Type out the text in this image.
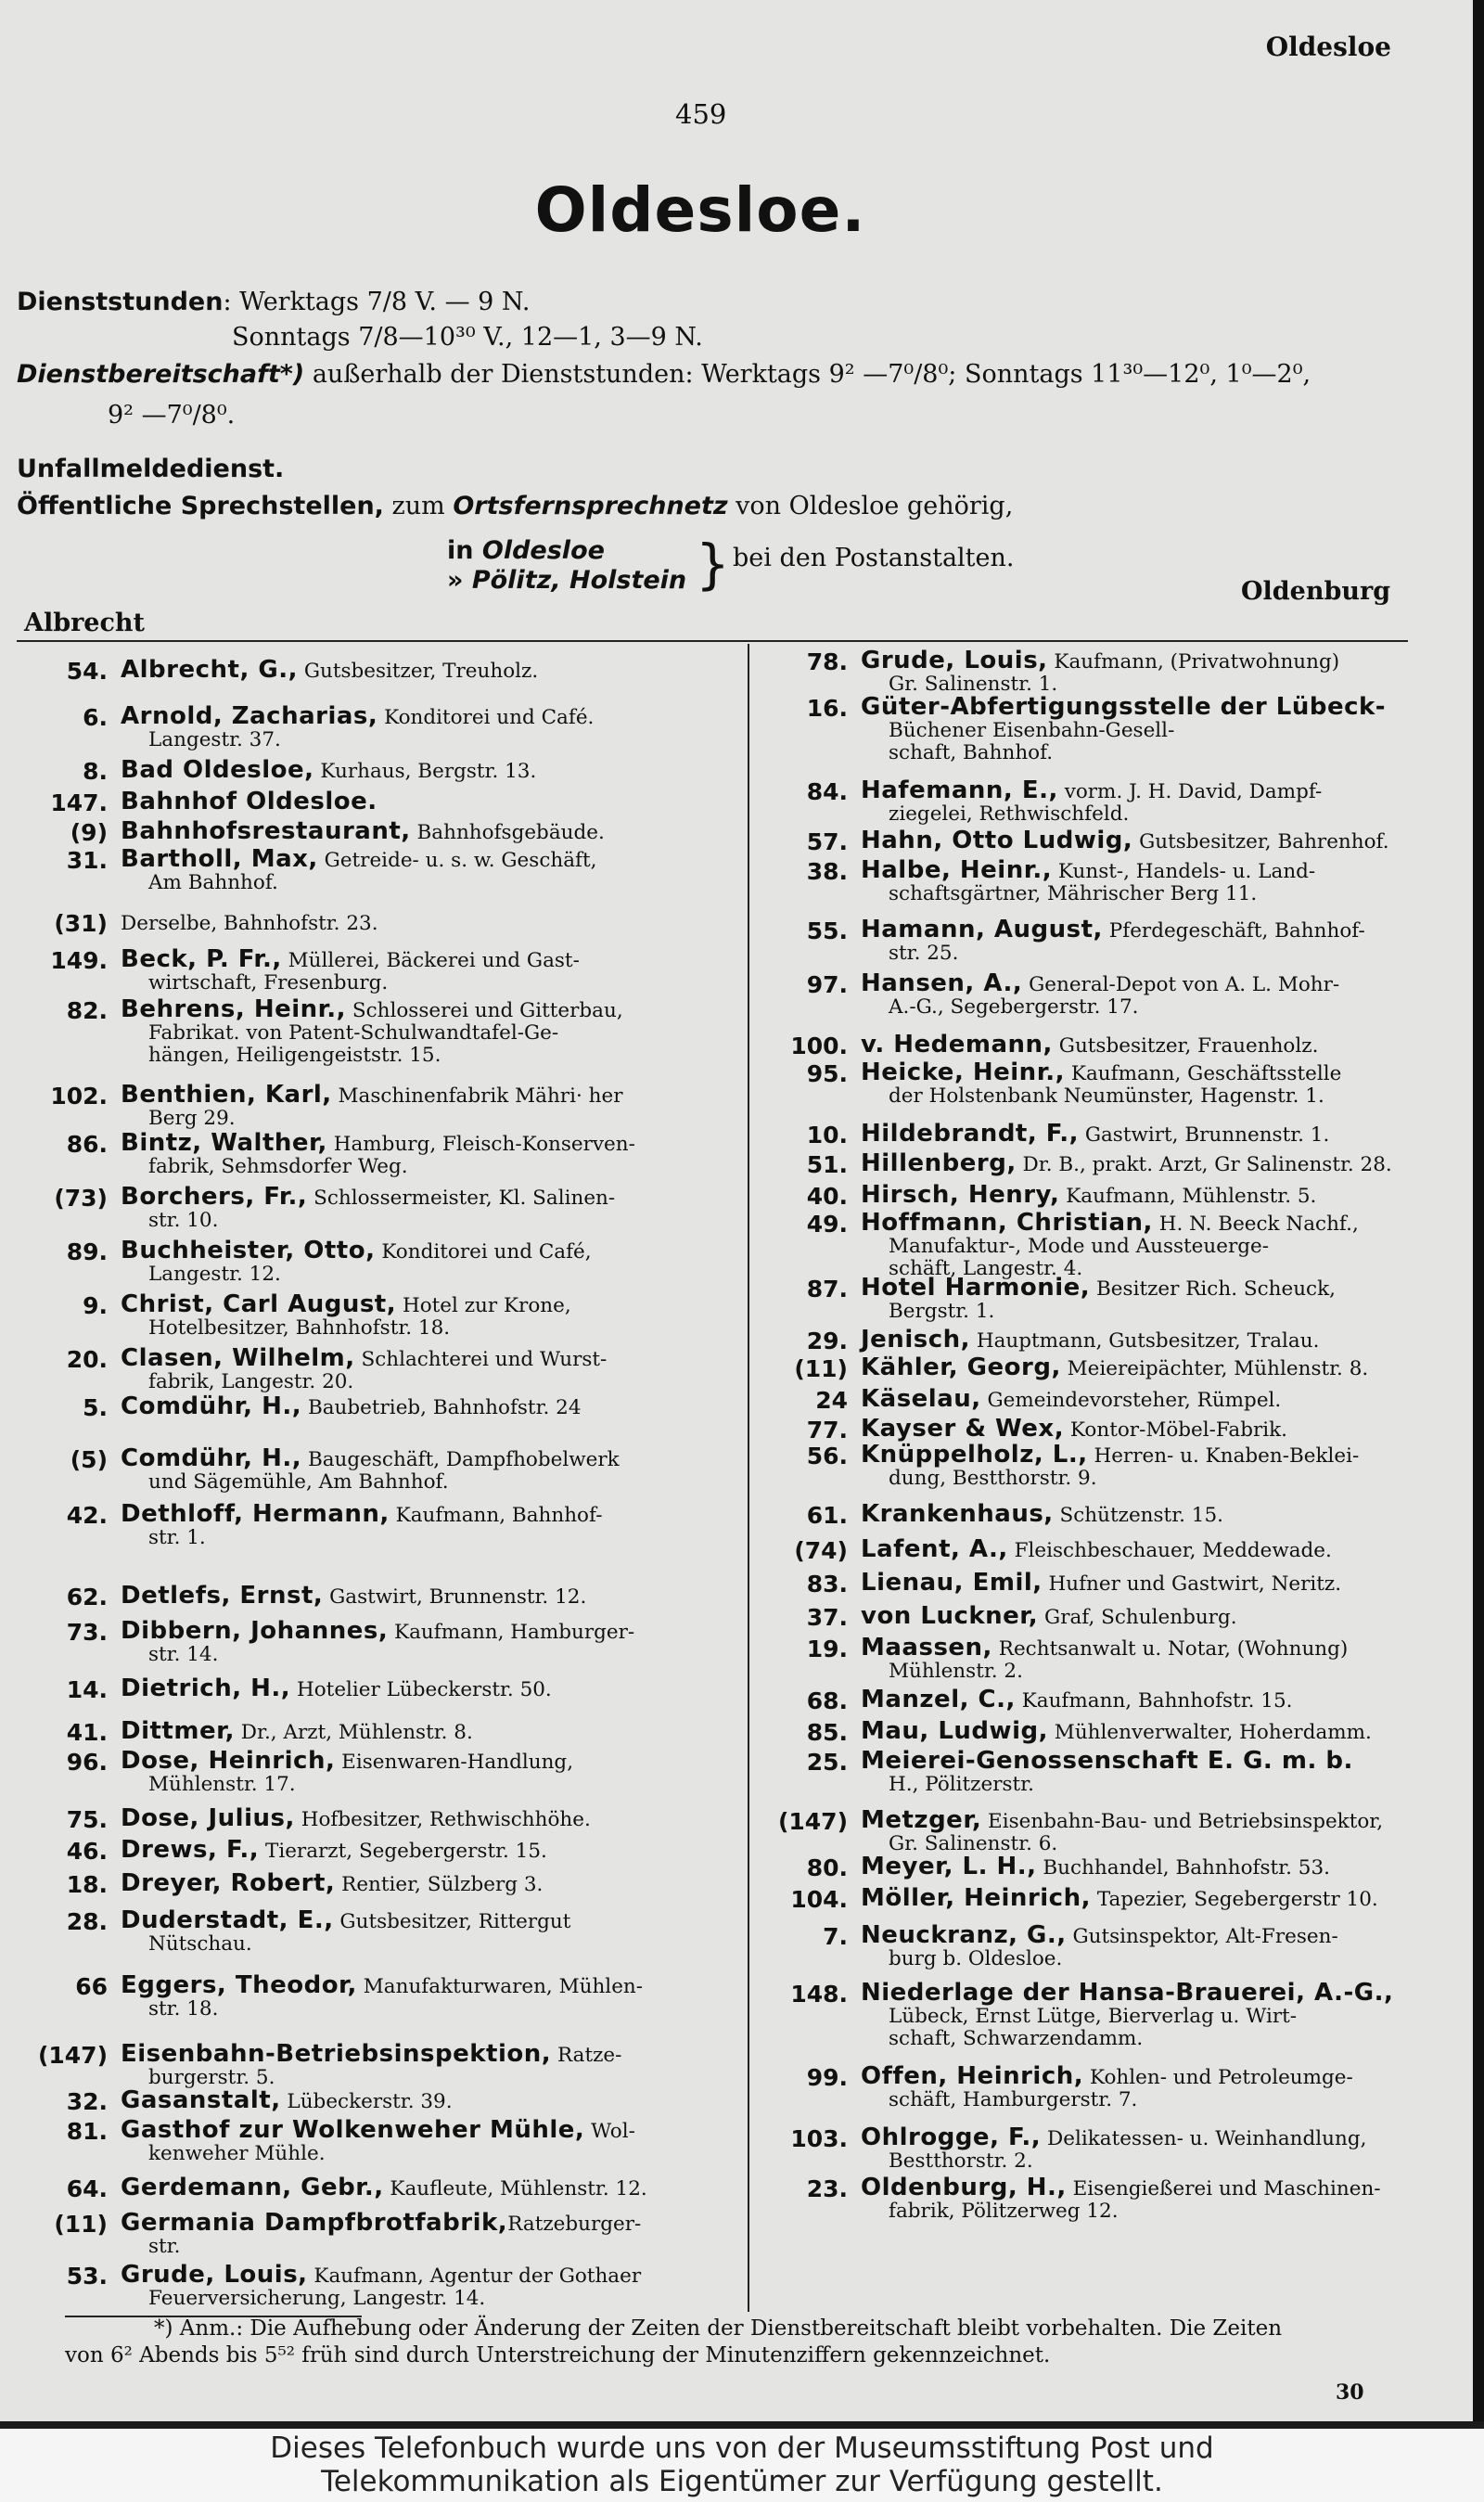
Oldesloe
459
Oldesloe.
Dienststunden: Werktags 7/8 V. — 9 N.
Sonntags 7/8—10³⁰ V., 12—1, 3—9 N.
Dienstbereitschaft*) außerhalb der Dienststunden: Werktags 9² —7⁰/8⁰; Sonntags 11³⁰—12⁰, 1⁰—2⁰,
9² —7⁰/8⁰.
Unfallmeldedienst.
Öffentliche Sprechstellen, zum Ortsfernsprechnetz von Oldesloe gehörig,
in Oldesloe
» Pölitz, Holstein } bei den Postanstalten.
Albrecht
Oldenburg
54. Albrecht, G., Gutsbesitzer, Treuholz.
6. Arnold, Zacharias, Konditorei und Café.
Langestr. 37.
8. Bad Oldesloe, Kurhaus, Bergstr. 13.
147. Bahnhof Oldesloe.
(9) Bahnhofsrestaurant, Bahnhofsgebäude.
31. Bartholl, Max, Getreide- u. s. w. Geschäft,
Am Bahnhof.
(31) Derselbe, Bahnhofstr. 23.
149. Beck, P. Fr., Müllerei, Bäckerei und Gast-
wirtschaft, Fresenburg.
82. Behrens, Heinr., Schlosserei und Gitterbau,
Fabrikat. von Patent-Schulwandtafel-Ge-
hängen, Heiligengeiststr. 15.
102. Benthien, Karl, Maschinenfabrik Mähri· her
Berg 29.
86. Bintz, Walther, Hamburg, Fleisch-Konserven-
fabrik, Sehmsdorfer Weg.
(73) Borchers, Fr., Schlossermeister, Kl. Salinen-
str. 10.
89. Buchheister, Otto, Konditorei und Café,
Langestr. 12.
9. Christ, Carl August, Hotel zur Krone,
Hotelbesitzer, Bahnhofstr. 18.
20. Clasen, Wilhelm, Schlachterei und Wurst-
fabrik, Langestr. 20.
5. Comdühr, H., Baubetrieb, Bahnhofstr. 24
(5) Comdühr, H., Baugeschäft, Dampfhobelwerk
und Sägemühle, Am Bahnhof.
42. Dethloff, Hermann, Kaufmann, Bahnhof-
str. 1.
62. Detlefs, Ernst, Gastwirt, Brunnenstr. 12.
73. Dibbern, Johannes, Kaufmann, Hamburger-
str. 14.
14. Dietrich, H., Hotelier Lübeckerstr. 50.
41. Dittmer, Dr., Arzt, Mühlenstr. 8.
96. Dose, Heinrich, Eisenwaren-Handlung,
Mühlenstr. 17.
75. Dose, Julius, Hofbesitzer, Rethwischhöhe.
46. Drews, F., Tierarzt, Segebergerstr. 15.
18. Dreyer, Robert, Rentier, Sülzberg 3.
28. Duderstadt, E., Gutsbesitzer, Rittergut
Nütschau.
66 Eggers, Theodor, Manufakturwaren, Mühlen-
str. 18.
(147) Eisenbahn-Betriebsinspektion, Ratze-
burgerstr. 5.
32. Gasanstalt, Lübeckerstr. 39.
81. Gasthof zur Wolkenweher Mühle, Wol-
kenweher Mühle.
64. Gerdemann, Gebr., Kaufleute, Mühlenstr. 12.
(11) Germania Dampfbrotfabrik,Ratzeburger-
str.
53. Grude, Louis, Kaufmann, Agentur der Gothaer
Feuerversicherung, Langestr. 14.
78. Grude, Louis, Kaufmann, (Privatwohnung)
Gr. Salinenstr. 1.
16. Güter-Abfertigungsstelle der Lübeck-
Büchener Eisenbahn-Gesell-
schaft, Bahnhof.
84. Hafemann, E., vorm. J. H. David, Dampf-
ziegelei, Rethwischfeld.
57. Hahn, Otto Ludwig, Gutsbesitzer, Bahrenhof.
38. Halbe, Heinr., Kunst-, Handels- u. Land-
schaftsgärtner, Mährischer Berg 11.
55. Hamann, August, Pferdegeschäft, Bahnhof-
str. 25.
97. Hansen, A., General-Depot von A. L. Mohr-
A.-G., Segebergerstr. 17.
100. v. Hedemann, Gutsbesitzer, Frauenholz.
95. Heicke, Heinr., Kaufmann, Geschäftsstelle
der Holstenbank Neumünster, Hagenstr. 1.
10. Hildebrandt, F., Gastwirt, Brunnenstr. 1.
51. Hillenberg, Dr. B., prakt. Arzt, Gr Salinenstr. 28.
40. Hirsch, Henry, Kaufmann, Mühlenstr. 5.
49. Hoffmann, Christian, H. N. Beeck Nachf.,
Manufaktur-, Mode und Aussteuerge-
schäft, Langestr. 4.
87. Hotel Harmonie, Besitzer Rich. Scheuck,
Bergstr. 1.
29. Jenisch, Hauptmann, Gutsbesitzer, Tralau.
(11) Kähler, Georg, Meiereipächter, Mühlenstr. 8.
24 Käselau, Gemeindevorsteher, Rümpel.
77. Kayser & Wex, Kontor-Möbel-Fabrik.
56. Knüppelholz, L., Herren- u. Knaben-Beklei-
dung, Bestthorstr. 9.
61. Krankenhaus, Schützenstr. 15.
(74) Lafent, A., Fleischbeschauer, Meddewade.
83. Lienau, Emil, Hufner und Gastwirt, Neritz.
37. von Luckner, Graf, Schulenburg.
19. Maassen, Rechtsanwalt u. Notar, (Wohnung)
Mühlenstr. 2.
68. Manzel, C., Kaufmann, Bahnhofstr. 15.
85. Mau, Ludwig, Mühlenverwalter, Hoherdamm.
25. Meierei-Genossenschaft E. G. m. b.
H., Pölitzerstr.
(147) Metzger, Eisenbahn-Bau- und Betriebsinspektor,
Gr. Salinenstr. 6.
80. Meyer, L. H., Buchhandel, Bahnhofstr. 53.
104. Möller, Heinrich, Tapezier, Segebergerstr 10.
7. Neuckranz, G., Gutsinspektor, Alt-Fresen-
burg b. Oldesloe.
148. Niederlage der Hansa-Brauerei, A.-G.,
Lübeck, Ernst Lütge, Bierverlag u. Wirt-
schaft, Schwarzendamm.
99. Offen, Heinrich, Kohlen- und Petroleumge-
schäft, Hamburgerstr. 7.
103. Ohlrogge, F., Delikatessen- u. Weinhandlung,
Bestthorstr. 2.
23. Oldenburg, H., Eisengießerei und Maschinen-
fabrik, Pölitzerweg 12.
*) Anm.: Die Aufhebung oder Änderung der Zeiten der Dienstbereitschaft bleibt vorbehalten. Die Zeiten
von 6² Abends bis 5⁵² früh sind durch Unterstreichung der Minutenziffern gekennzeichnet.
30
Dieses Telefonbuch wurde uns von der Museumsstiftung Post und
Telekommunikation als Eigentümer zur Verfügung gestellt.
